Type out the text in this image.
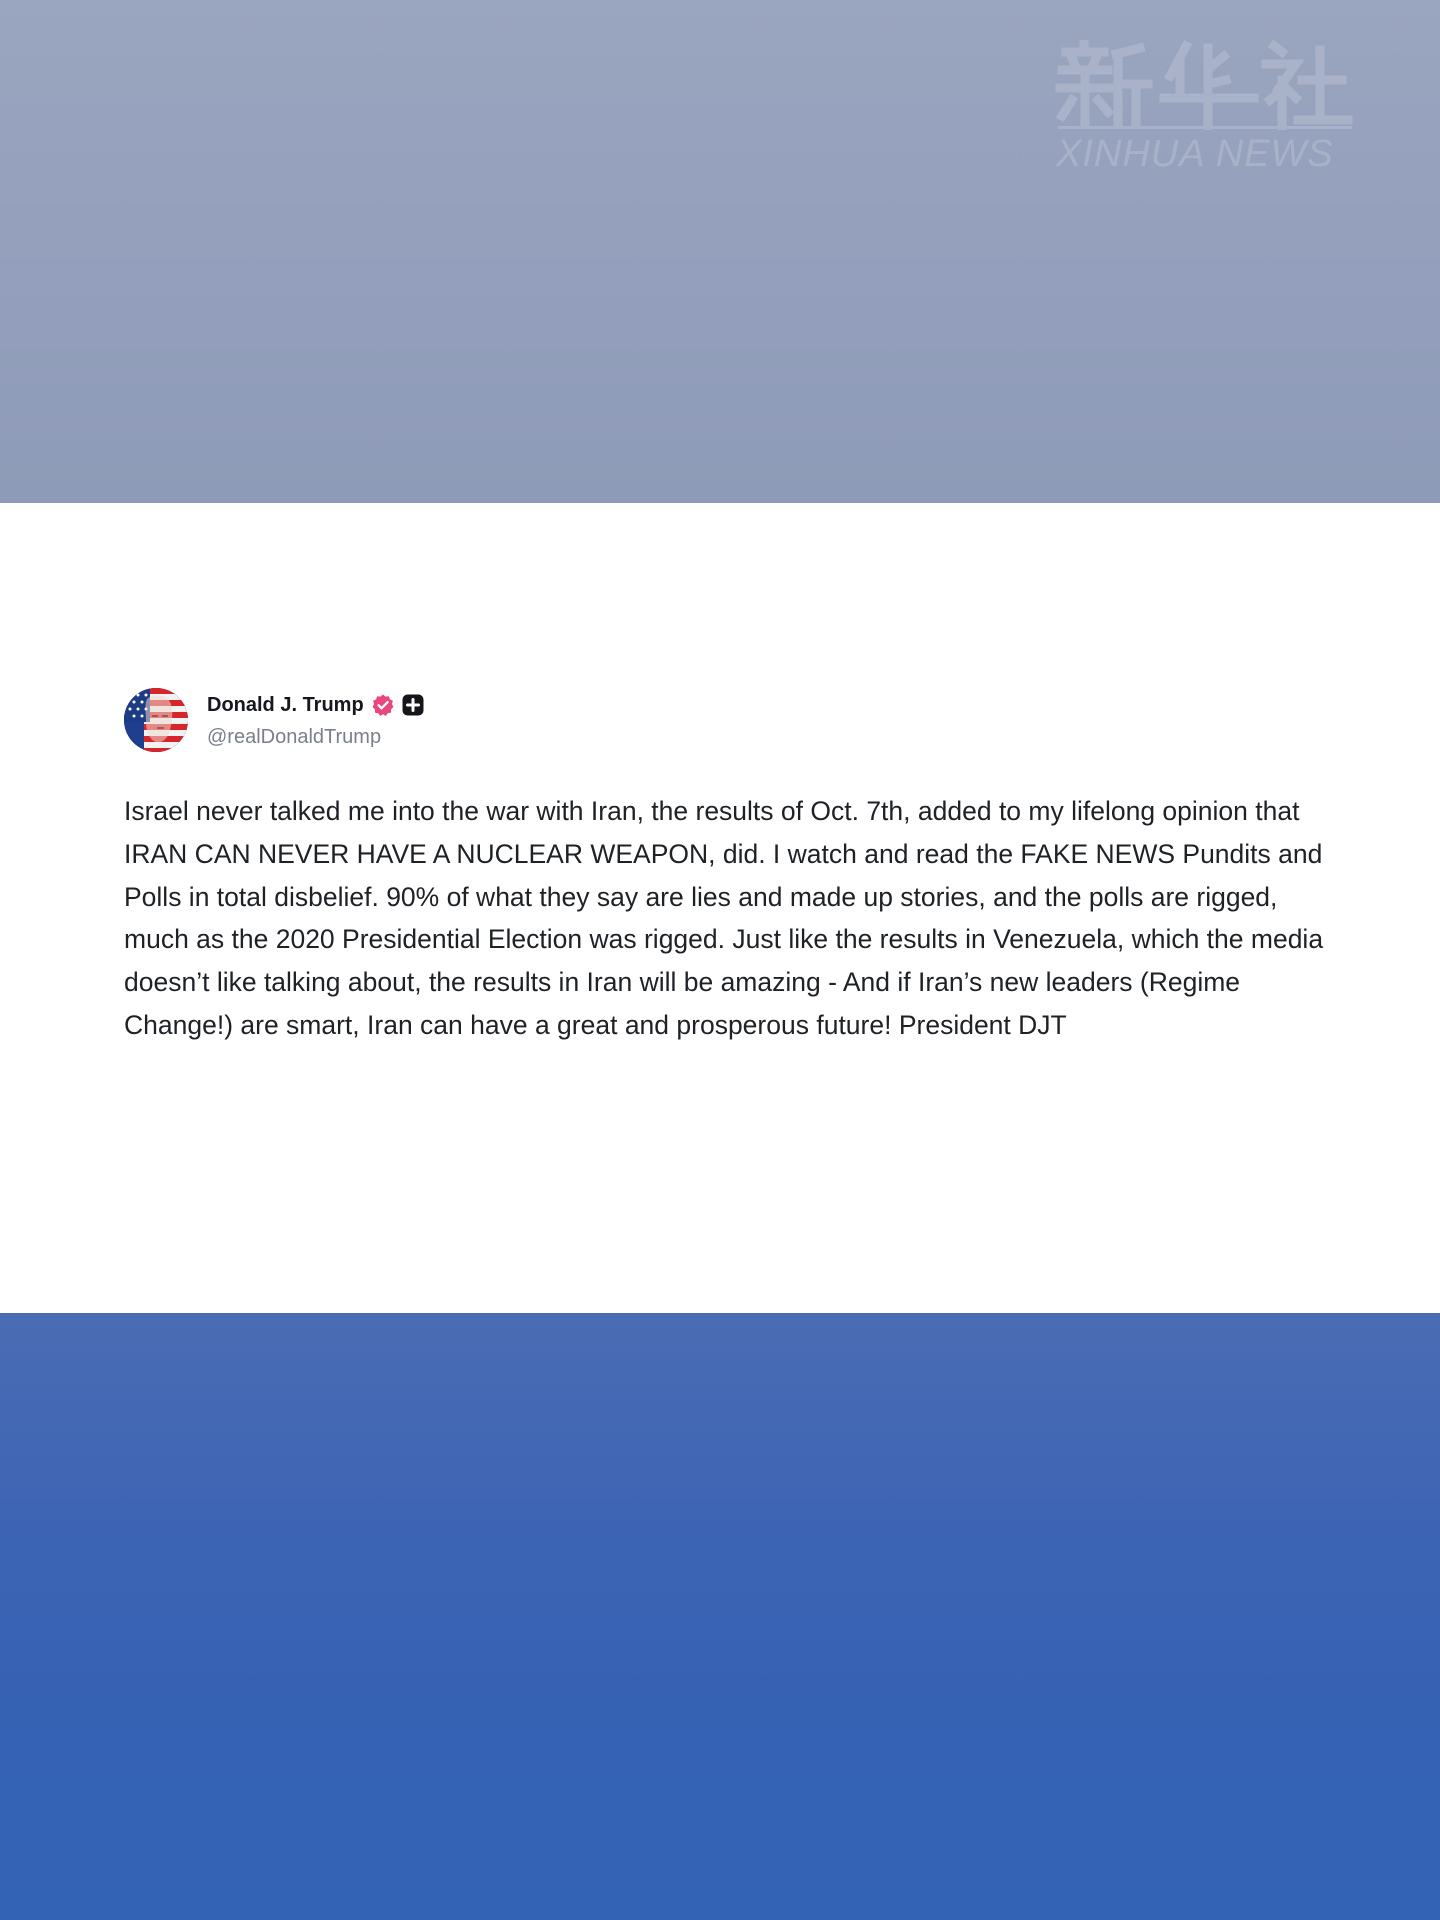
XINHUA NEWS
Donald J. Trump
@realDonaldTrump

Israel never talked me into the war with Iran, the results of Oct. 7th, added to my lifelong opinion that IRAN CAN NEVER HAVE A NUCLEAR WEAPON, did. I watch and read the FAKE NEWS Pundits and Polls in total disbelief. 90% of what they say are lies and made up stories, and the polls are rigged, much as the 2020 Presidential Election was rigged. Just like the results in Venezuela, which the media doesn’t like talking about, the results in Iran will be amazing - And if Iran’s new leaders (Regime Change!) are smart, Iran can have a great and prosperous future! President DJT
